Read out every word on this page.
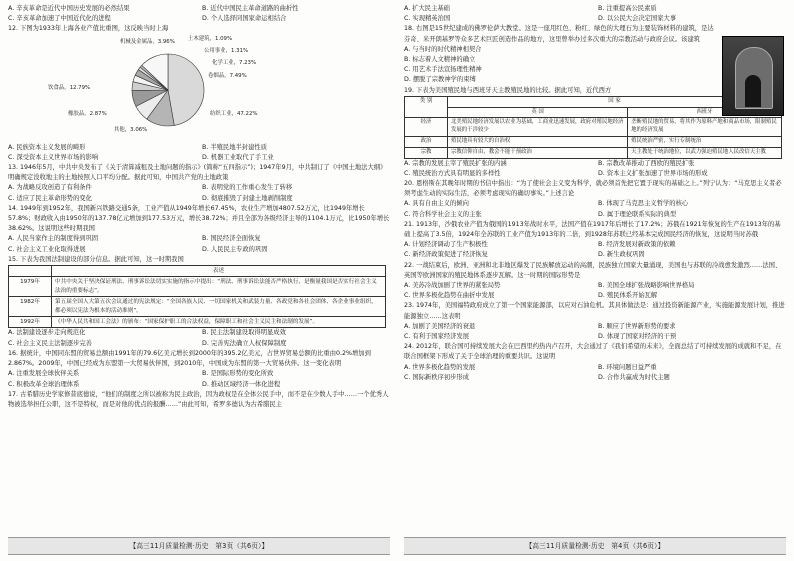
A. 辛亥革命是近代中国历史发展的必然结果	B. 近代中国民主革命道路的曲折性
C. 辛亥革命加速了中国近代化的进程	D. 个人选择同国家命运相结合

12. 下图为1933年上海各业产值比重图，这反映当时上海

机械及金属品，3.96% 土木建筑，1.09%
公用事业，1.31%
化学工业，7.23%
饮食品，12.79%
卷烟品，7.49%
橡胶品，2.87%
其他，3.06%
纺织工业，47.22%
A. 民族资本主义发展的畸形	B. 半殖民地半封建性质
C. 深受资本主义世界市场的影响	D. 机器工业取代了手工业

13. 1946年5月，中共中央发布了《关于清算减租及土地问题的指示》(简称“五四指示”)；1947年9月，中共制订了《中国土地法大纲》明确规定没收地主的土地按照人口平均分配。据此可知，中国共产党的土地政策

A. 为战略反攻创造了有利条件	B. 表明党的工作重心发生了转移
C. 适应了民主革命形势的变化	D. 彻底摧毁了封建土地剥削制度

14. 1949年到1952年，我国新兴铁路交通5条，工业产值从1949年增长67.45%，农业生产增加4807.52万元，比1949年增长57.8%；财政收入由1950年的137.78亿元增加到177.53万元，增长38.72%；并且全部为各级经济主导的1104.1万元，比1950年增长38.62%。这说明这些时期我国

A. 人民当家作主的制度得到巩固	B. 国民经济全面恢复
C. 社会主义工业化取得进展	D. 人民民主专政的巩固

15. 下表为我国法制建设的部分信息。据此可知，这一时期我国

	表述
1979年	中共中央关于坚决保证刑法、刑事诉讼法切实实施的指示中提出：“刑法、刑事诉讼法能否严格执行，是衡量我国是否实行社会主义法治的重要标志”。
1982年	第五届全国人大第五次会议通过的宪法规定：“全国各族人民、一切国家机关和武装力量、各政党和各社会团体、各企业事业组织，都必须以宪法为根本的活动准则”。
1992年	《中华人民共和国工会法》的颁布：“国家保护职工的合法权益，保障职工和社会主义民主和法制的发展”。
A. 法制建设逐步走向规范化	B. 民主法制建设取得明显成效
C. 社会主义民主法制逐步完善	D. 完善宪法确立人权保障制度

16. 据统计，中国同东盟的贸易总额由1991年的79.6亿美元增长到2000年的395.2亿美元，占世界贸易总额的比重由0.2%增加到2.867%。2009年，中国已经成为东盟第一大贸易伙伴国，到2010年，中国成为东盟的第一大贸易伙伴。这一变化表明

A. 注重发展全球伙伴关系	B. 是国际形势的变化所致
C. 积极改革全球治理体系	D. 推动区域经济一体化进程

17. 古希腊历史学家修昔底德说，“他们的制度之所以被称为民主政治，因为政权是在全体公民手中，而不是在少数人手中……一个优秀人物被选举担任公职，这不是特权，而是对他的优点的报酬……”由此可知，希罗多德认为古希腊民主

A. 扩大民主基础	B. 注重提高公民素质
C. 实现精英治国	D. 以公民大会决定国家大事

18. 右图是15世纪建成的佛罗伦萨大教堂。这是一座用红色、粉红、绿色的大理石为主要装饰材料的建筑，是达芬奇、米开朗基罗等众多艺术巨匠创造作品的地方，这里曾举办过多次重大的宗教活动与政府会议。该建筑

A. 与当时的时代精神相契合
B. 标志着人文精神的确立
C. 用艺术手法宣扬理性精神
D. 摆脱了宗教神学的束缚

19. 下表为美国殖民地与西班牙天主教殖民地的比较。据此可知，近代西方

类 别	国 家	
	英 国	西班牙
经济	北美殖民地经济发展以农业为基础，工商业迅速发展，政府对殖民地经济发展的干涉较少	垄断殖民地的贸易，将其作为原料产地和商品市场，限制殖民地的经济发展
政治	殖民地具有较大的自治权	殖民统治严密，实行专制统治
宗教	宗教信仰自由，教会不能干预政治	天主教处于统治地位，以武力强迫殖民地人民改信天主教
A. 宗教的发展主宰了殖民扩张的内涵	B. 宗教改革推动了西欧的殖民扩张
C. 殖民统治方式具有明显的多样性	D. 资本主义扩张加速了世界市场的形成

20. 恩格斯在其晚年时期的书信中指出：“为了使社会主义变为科学，就必须首先把它置于现实的基础之上。”列宁认为：“马克思主义者必须考虑生动的实际生活，必须考虑现实的确切事实。”上述言论

A. 具有自由主义的倾向	B. 体现了马克思主义哲学的核心
C. 符合科学社会主义的主张	D. 属于理论联系实际的典型

21. 1913年，沙俄农业产值为俄国的1913年战时水平，法国产值在1917年后增长了17.2%；苏俄在1921年恢复的生产在1913年的基础上提高了3.5倍，1924年全苏联的工业产值为1913年的二倍，到1928年苏联已经基本完成国民经济的恢复，这说明当时苏俄

A. 计划经济调动了生产积极性	B. 经济发展对新政策的依赖
C. 新经济政策促进了经济恢复	D. 新生政权巩固

22. 一战结束后，欧洲、亚洲和北非地区爆发了民族解放运动的高潮，民族独立国家大量涌现，美国也与苏联的冷战愈发激烈……法国、英国等欧洲国家的殖民地体系逐步瓦解。这一时期的国际形势是

A. 美苏冷战加剧了世界的紧张局势	B. 美国全球扩张战略影响世界格局
C. 世界多极化趋势在曲折中发展	D. 殖民体系开始瓦解

23. 1974年，美国福特政府成立了第一个国家能源部，以应对石油危机。其具体做法是：通过投资新能源产业，实施能源发展计划，推进能源独立……这表明

A. 加剧了美国经济的衰退	B. 顺应了世界新形势的要求
C. 有利于国家经济发展	D. 体现了国家对经济的干预

24. 2012年，联合国可持续发展大会在巴西里约热内卢召开，大会通过了《我们希望的未来》，全面总结了可持续发展的成就和不足，在联合国框架下形成了关于全球治理的重要共识。这说明

A. 世界多极化趋势的发展	B. 环境问题日益严重
C. 国际新秩序初步形成	D. 合作共赢成为时代主题
【高三11月质量检测·历史　第3页（共6页）】	【高三11月质量检测·历史　第4页（共6页）】
